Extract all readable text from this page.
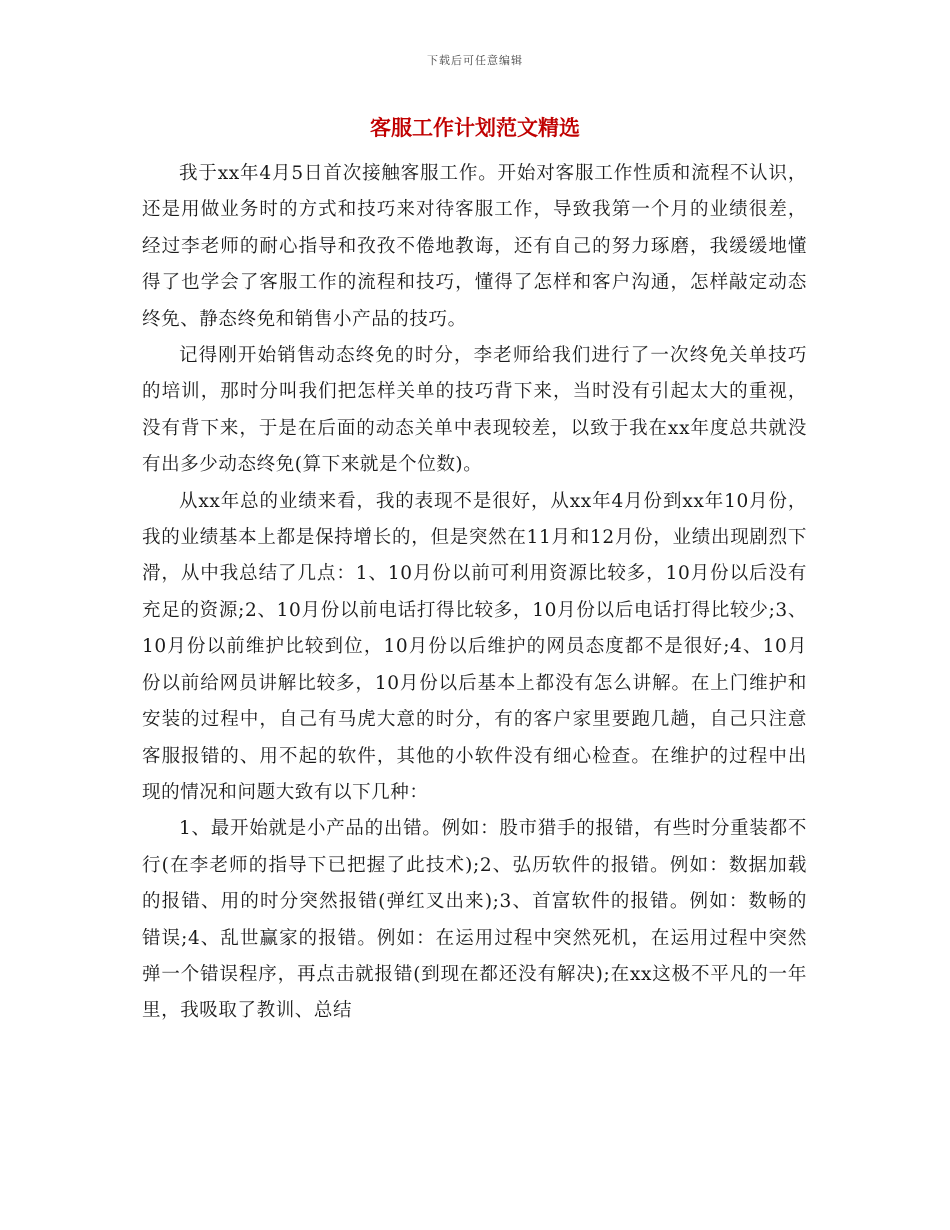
下载后可任意编辑
客服工作计划范文精选

我于xx年4月5日首次接触客服工作。开始对客服工作性质和流程不认识，还是用做业务时的方式和技巧来对待客服工作，导致我第一个月的业绩很差，经过李老师的耐心指导和孜孜不倦地教诲，还有自己的努力琢磨，我缓缓地懂得了也学会了客服工作的流程和技巧，懂得了怎样和客户沟通，怎样敲定动态终免、静态终免和销售小产品的技巧。

记得刚开始销售动态终免的时分，李老师给我们进行了一次终免关单技巧的培训，那时分叫我们把怎样关单的技巧背下来，当时没有引起太大的重视，没有背下来，于是在后面的动态关单中表现较差，以致于我在xx年度总共就没有出多少动态终免(算下来就是个位数)。

从xx年总的业绩来看，我的表现不是很好，从xx年4月份到xx年10月份，我的业绩基本上都是保持增长的，但是突然在11月和12月份，业绩出现剧烈下滑，从中我总结了几点：1、10月份以前可利用资源比较多，10月份以后没有充足的资源;2、10月份以前电话打得比较多，10月份以后电话打得比较少;3、10月份以前维护比较到位，10月份以后维护的网员态度都不是很好;4、10月份以前给网员讲解比较多，10月份以后基本上都没有怎么讲解。在上门维护和安装的过程中，自己有马虎大意的时分，有的客户家里要跑几趟，自己只注意客服报错的、用不起的软件，其他的小软件没有细心检查。在维护的过程中出现的情况和问题大致有以下几种：

1、最开始就是小产品的出错。例如：股市猎手的报错，有些时分重装都不行(在李老师的指导下已把握了此技术);2、弘历软件的报错。例如：数据加载的报错、用的时分突然报错(弹红叉出来);3、首富软件的报错。例如：数畅的错误;4、乱世赢家的报错。例如：在运用过程中突然死机，在运用过程中突然弹一个错误程序，再点击就报错(到现在都还没有解决);在xx这极不平凡的一年里，我吸取了教训、总结
